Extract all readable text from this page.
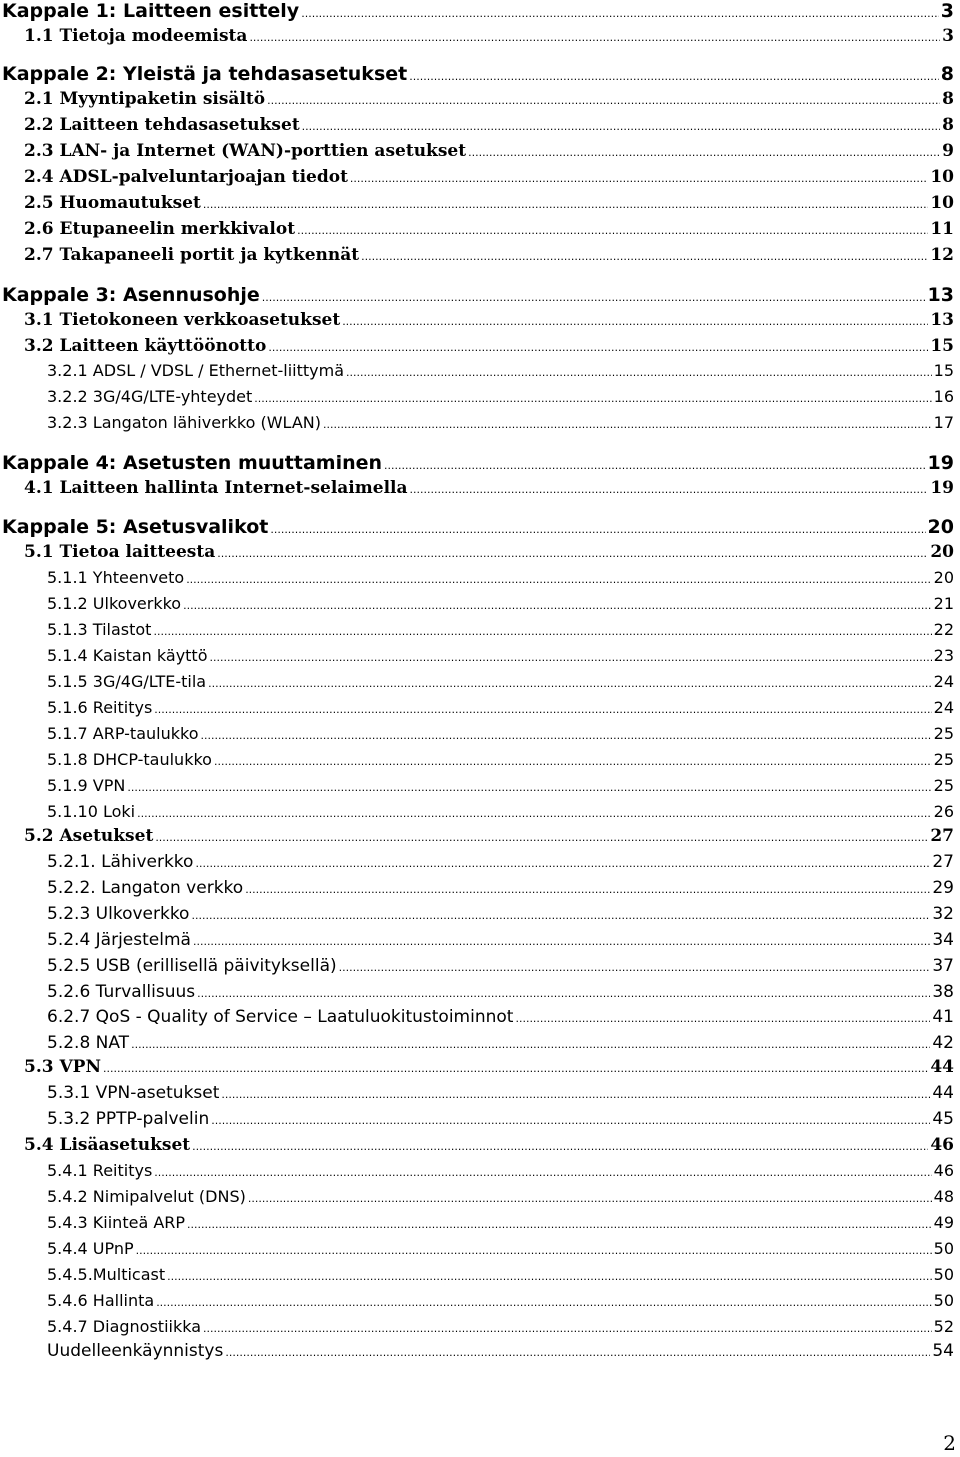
Kappale 1: Laitteen esittely .....	3
1.1 Tietoja modeemista .....	3
Kappale 2: Yleistä ja tehdasasetukset .....	8
2.1 Myyntipaketin sisältö .....	8
2.2 Laitteen tehdasasetukset .....	8
2.3 LAN- ja Internet (WAN)-porttien asetukset .....	9
2.4 ADSL-palveluntarjoajan tiedot .....	10
2.5 Huomautukset .....	10
2.6 Etupaneelin merkkivalot .....	11
2.7 Takapaneeli portit ja kytkennät .....	12
Kappale 3: Asennusohje .....	13
3.1 Tietokoneen verkkoasetukset .....	13
3.2 Laitteen käyttöönotto .....	15
3.2.1 ADSL / VDSL / Ethernet-liittymä .....	15
3.2.2 3G/4G/LTE-yhteydet .....	16
3.2.3 Langaton lähiverkko (WLAN) .....	17
Kappale 4: Asetusten muuttaminen .....	19
4.1 Laitteen hallinta Internet-selaimella .....	19
Kappale 5: Asetusvalikot .....	20
5.1 Tietoa laitteesta .....	20
5.1.1 Yhteenveto .....	20
5.1.2 Ulkoverkko .....	21
5.1.3 Tilastot .....	22
5.1.4 Kaistan käyttö .....	23
5.1.5 3G/4G/LTE-tila .....	24
5.1.6 Reititys .....	24
5.1.7 ARP-taulukko .....	25
5.1.8 DHCP-taulukko .....	25
5.1.9 VPN .....	25
5.1.10 Loki .....	26
5.2 Asetukset .....	27
5.2.1. Lähiverkko .....	27
5.2.2. Langaton verkko .....	29
5.2.3 Ulkoverkko .....	32
5.2.4 Järjestelmä .....	34
5.2.5 USB (erillisellä päivityksellä) .....	37
5.2.6 Turvallisuus .....	38
6.2.7 QoS - Quality of Service – Laatuluokitustoiminnot .....	41
5.2.8 NAT .....	42
5.3 VPN .....	44
5.3.1 VPN-asetukset .....	44
5.3.2 PPTP-palvelin .....	45
5.4 Lisäasetukset .....	46
5.4.1 Reititys .....	46
5.4.2 Nimipalvelut (DNS) .....	48
5.4.3 Kiinteä ARP .....	49
5.4.4 UPnP .....	50
5.4.5.Multicast .....	50
5.4.6 Hallinta .....	50
5.4.7 Diagnostiikka .....	52
Uudelleenkäynnistys .....	54
2
